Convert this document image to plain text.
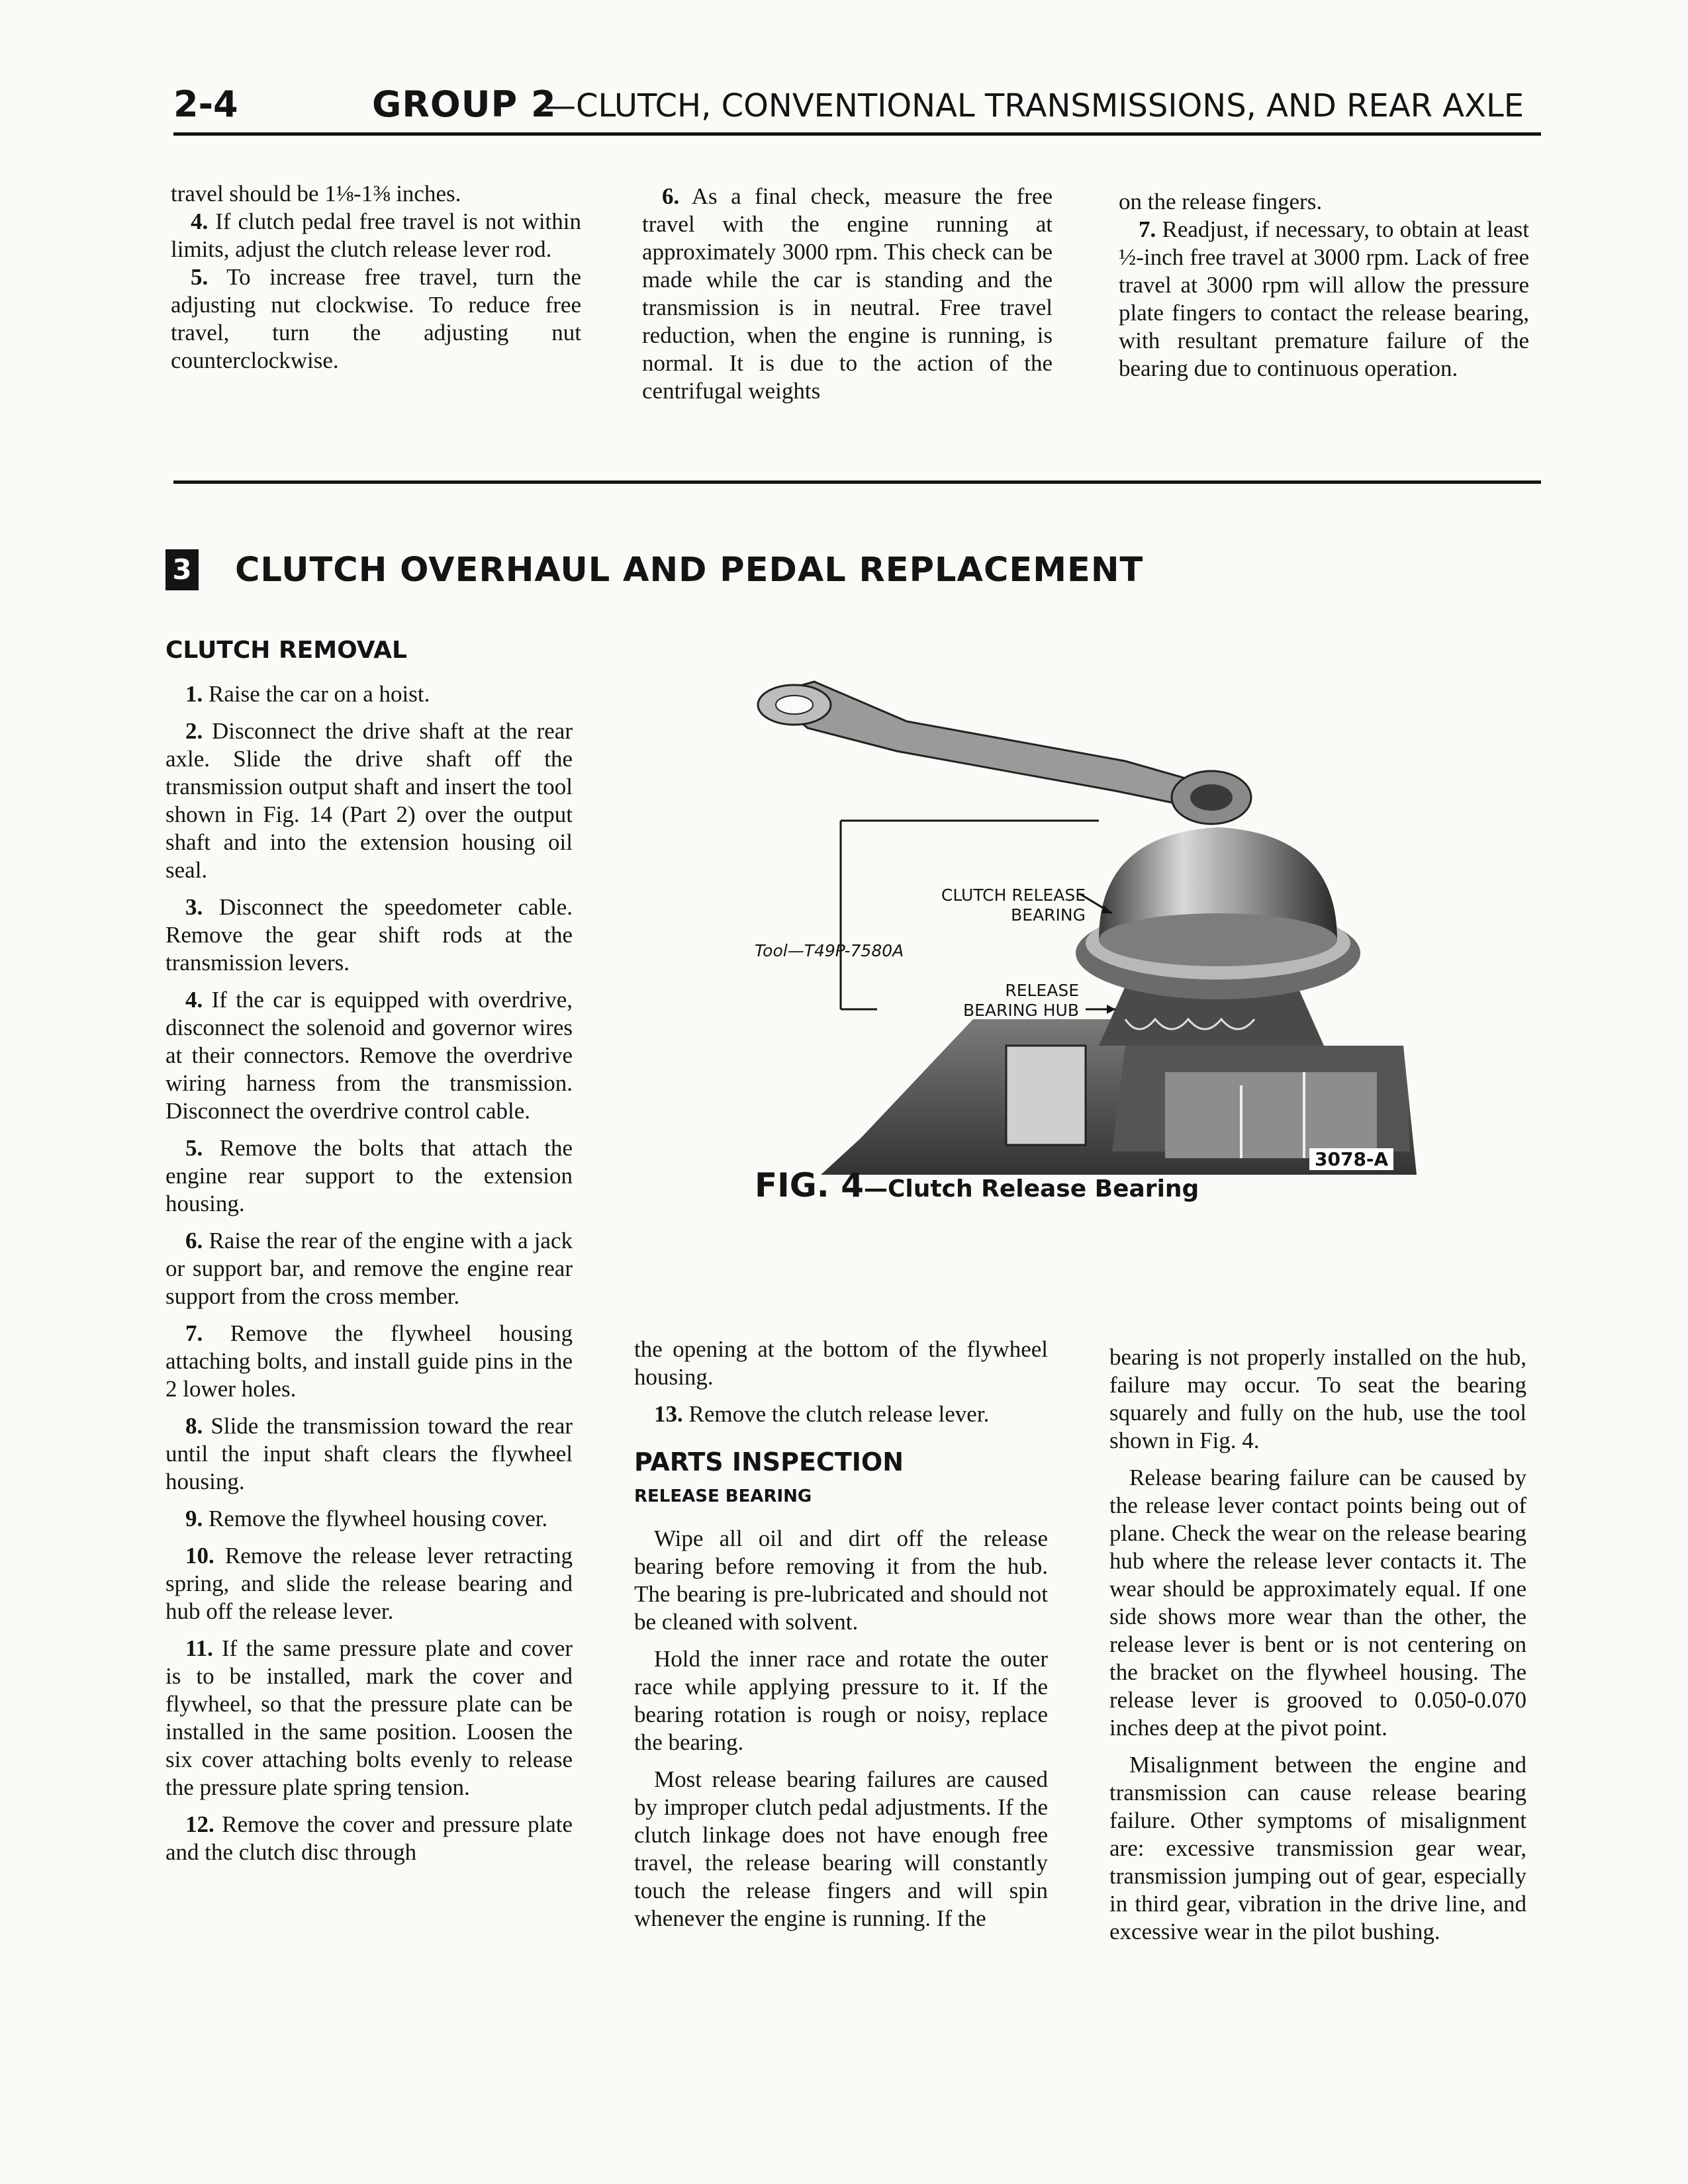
2-4	GROUP 2
—CLUTCH, CONVENTIONAL TRANSMISSIONS, AND REAR AXLE

travel should be 1⅛-1⅜ inches.

4. If clutch pedal free travel is not within limits, adjust the clutch release lever rod.

5. To increase free travel, turn the adjusting nut clockwise. To reduce free travel, turn the adjusting nut counterclockwise.

6. As a final check, measure the free travel with the engine running at approximately 3000 rpm. This check can be made while the car is standing and the transmission is in neutral. Free travel reduction, when the engine is running, is normal. It is due to the action of the centrifugal weights

on the release fingers.

7. Readjust, if necessary, to obtain at least ½-inch free travel at 3000 rpm. Lack of free travel at 3000 rpm will allow the pressure plate fingers to contact the release bearing, with resultant premature failure of the bearing due to continuous operation.

3 CLUTCH OVERHAUL AND PEDAL REPLACEMENT
CLUTCH REMOVAL

1. Raise the car on a hoist.

2. Disconnect the drive shaft at the rear axle. Slide the drive shaft off the transmission output shaft and insert the tool shown in Fig. 14 (Part 2) over the output shaft and into the extension housing oil seal.

3. Disconnect the speedometer cable. Remove the gear shift rods at the transmission levers.

4. If the car is equipped with overdrive, disconnect the solenoid and governor wires at their connectors. Remove the overdrive wiring harness from the transmission. Disconnect the overdrive control cable.

5. Remove the bolts that attach the engine rear support to the extension housing.

6. Raise the rear of the engine with a jack or support bar, and remove the engine rear support from the cross member.

7. Remove the flywheel housing attaching bolts, and install guide pins in the 2 lower holes.

8. Slide the transmission toward the rear until the input shaft clears the flywheel housing.

9. Remove the flywheel housing cover.

10. Remove the release lever retracting spring, and slide the release bearing and hub off the release lever.

11. If the same pressure plate and cover is to be installed, mark the cover and flywheel, so that the pressure plate can be installed in the same position. Loosen the six cover attaching bolts evenly to release the pressure plate spring tension.

12. Remove the cover and pressure plate and the clutch disc through

CLUTCH RELEASE
BEARING
Tool—T49P-7580A
RELEASE
BEARING HUB
3078-A
FIG. 4—Clutch Release Bearing

the opening at the bottom of the flywheel housing.

13. Remove the clutch release lever.

PARTS INSPECTION
RELEASE BEARING

Wipe all oil and dirt off the release bearing before removing it from the hub. The bearing is pre-lubricated and should not be cleaned with solvent.

Hold the inner race and rotate the outer race while applying pressure to it. If the bearing rotation is rough or noisy, replace the bearing.

Most release bearing failures are caused by improper clutch pedal adjustments. If the clutch linkage does not have enough free travel, the release bearing will constantly touch the release fingers and will spin whenever the engine is running. If the

bearing is not properly installed on the hub, failure may occur. To seat the bearing squarely and fully on the hub, use the tool shown in Fig. 4.

Release bearing failure can be caused by the release lever contact points being out of plane. Check the wear on the release bearing hub where the release lever contacts it. The wear should be approximately equal. If one side shows more wear than the other, the release lever is bent or is not centering on the bracket on the flywheel housing. The release lever is grooved to 0.050-0.070 inches deep at the pivot point.

Misalignment between the engine and transmission can cause release bearing failure. Other symptoms of misalignment are: excessive transmission gear wear, transmission jumping out of gear, especially in third gear, vibration in the drive line, and excessive wear in the pilot bushing.
